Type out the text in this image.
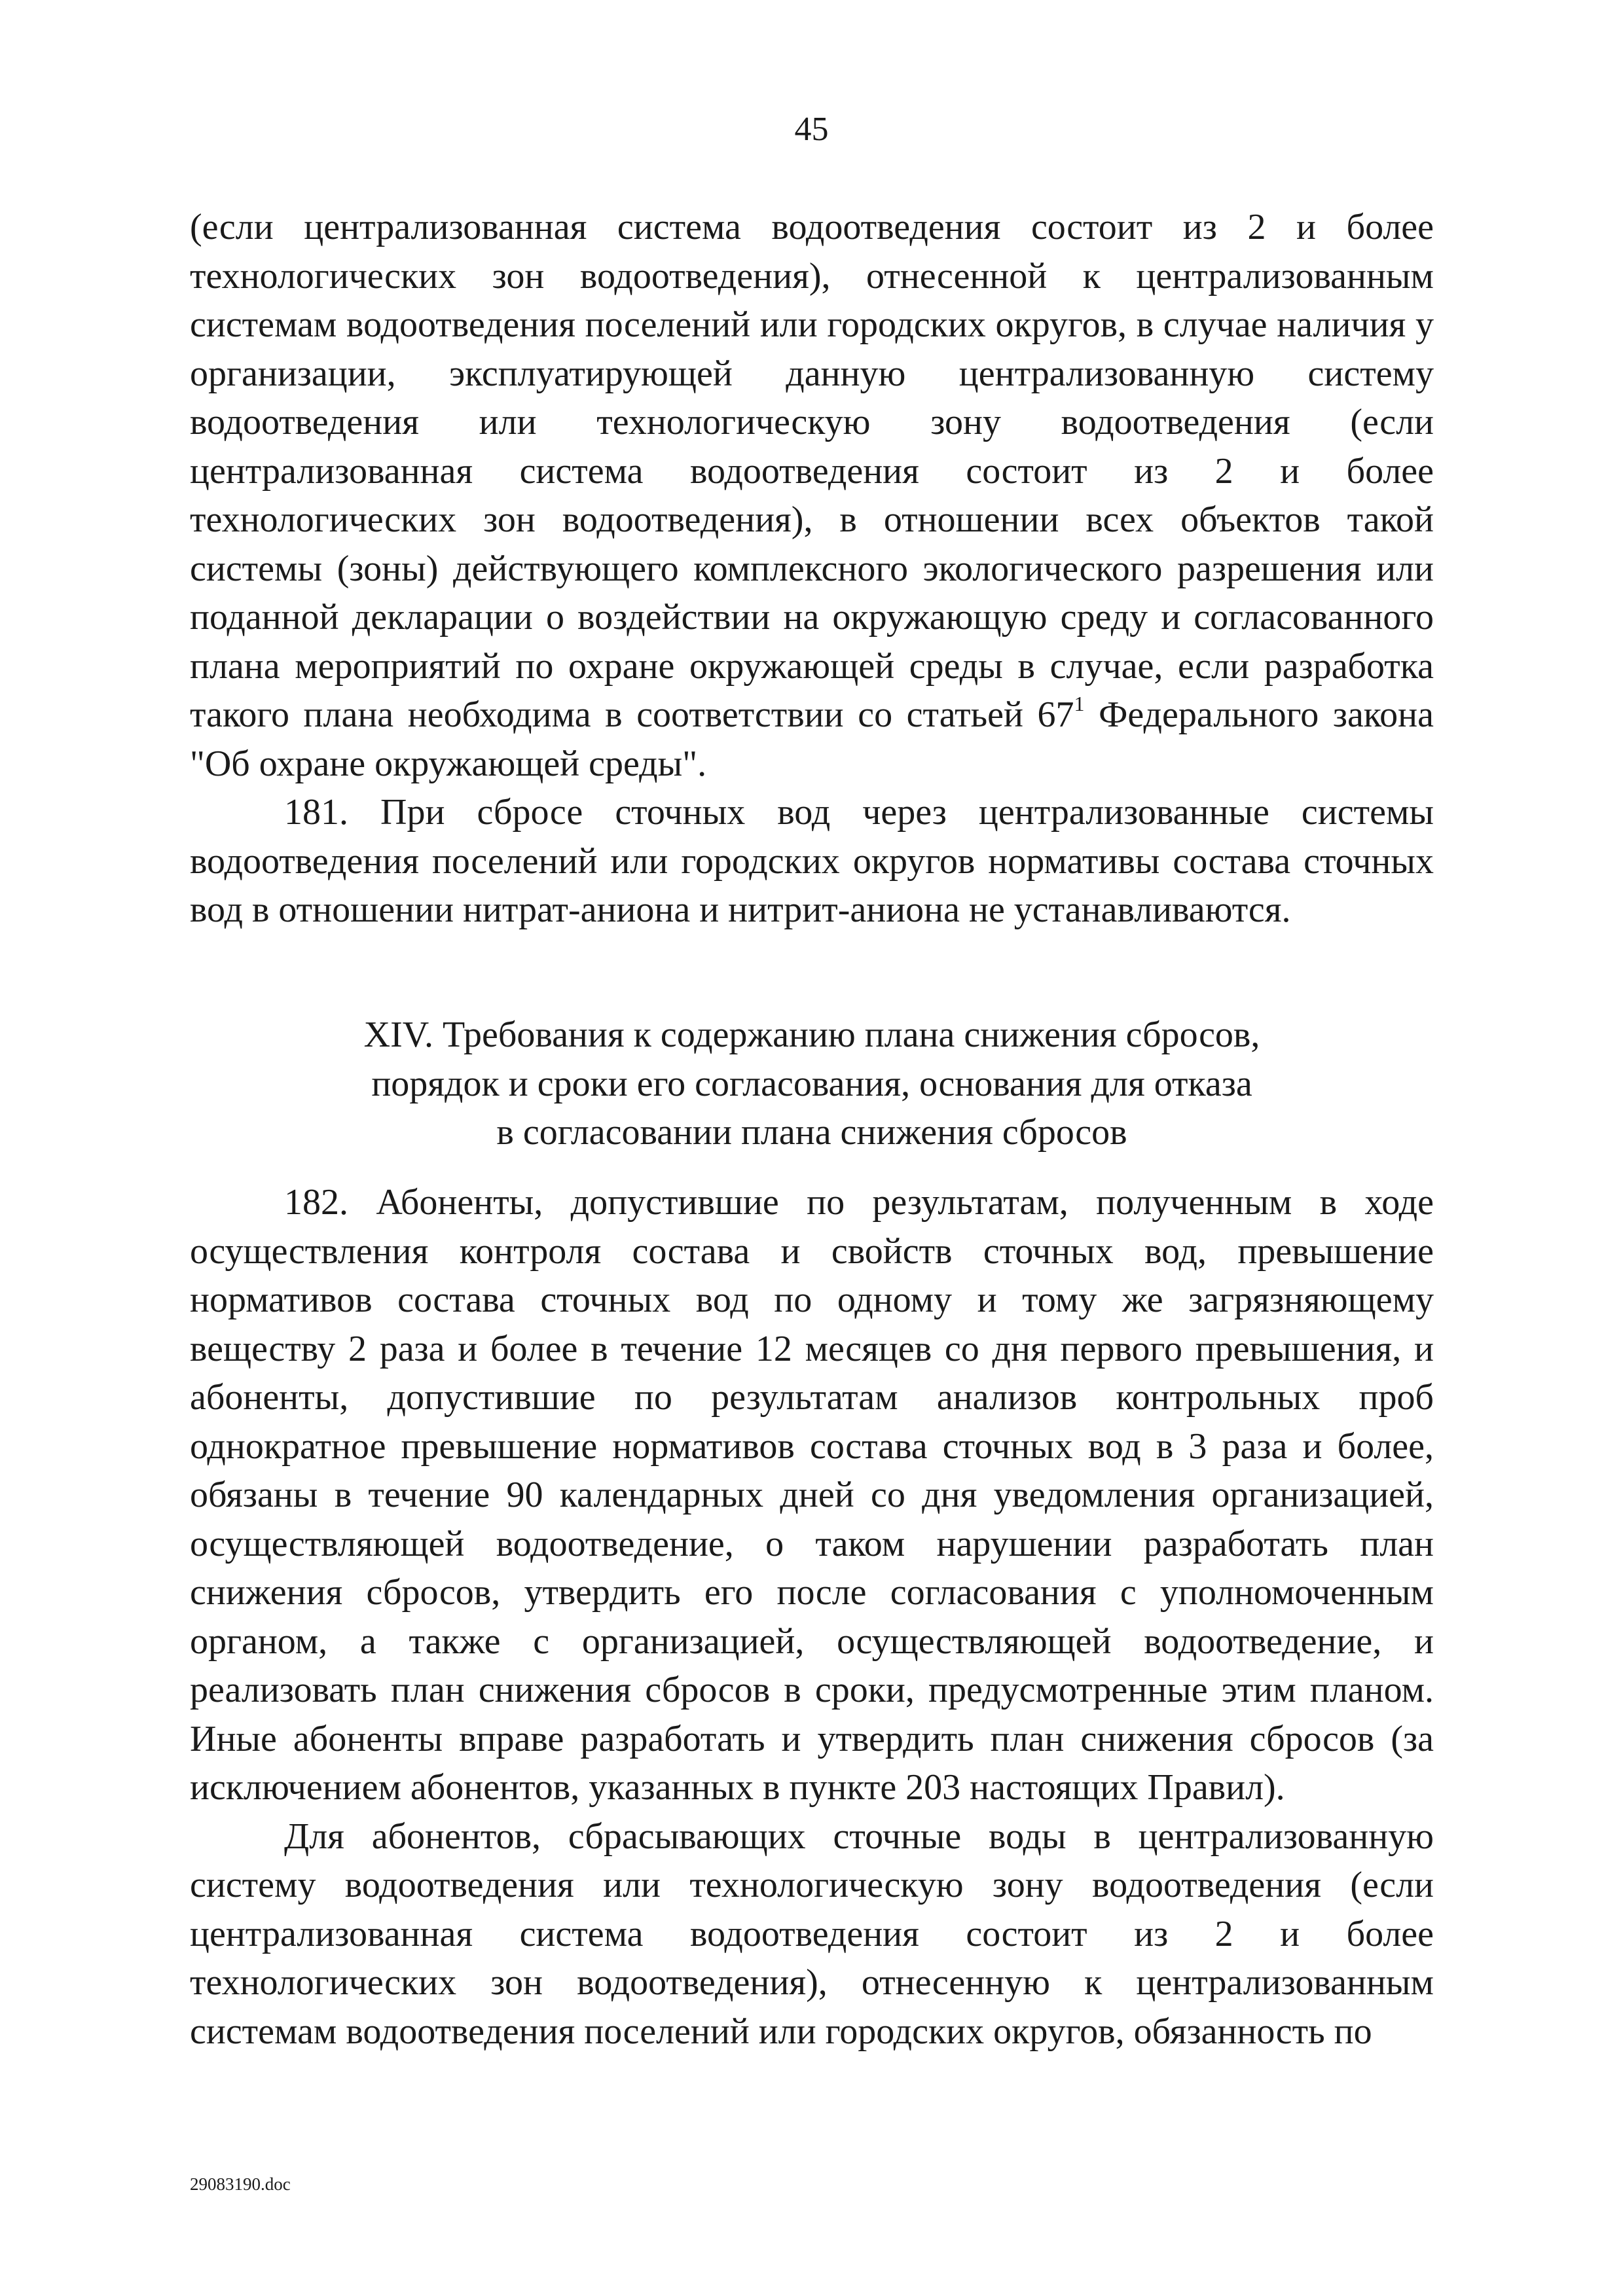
45

(если централизованная система водоотведения состоит из 2 и более технологических зон водоотведения), отнесенной к централизованным системам водоотведения поселений или городских округов, в случае наличия у организации, эксплуатирующей данную централизованную систему водоотведения или технологическую зону водоотведения (если централизованная система водоотведения состоит из 2 и более технологических зон водоотведения), в отношении всех объектов такой системы (зоны) действующего комплексного экологического разрешения или поданной декларации о воздействии на окружающую среду и согласованного плана мероприятий по охране окружающей среды в случае, если разработка такого плана необходима в соответствии со статьей $67^1$ Федерального закона "Об охране окружающей среды".

181. При сбросе сточных вод через централизованные системы водоотведения поселений или городских округов нормативы состава сточных вод в отношении нитрат-аниона и нитрит-аниона не устанавливаются.

XIV. Требования к содержанию плана снижения сбросов,
порядок и сроки его согласования, основания для отказа
в согласовании плана снижения сбросов

182. Абоненты, допустившие по результатам, полученным в ходе осуществления контроля состава и свойств сточных вод, превышение нормативов состава сточных вод по одному и тому же загрязняющему веществу 2 раза и более в течение 12 месяцев со дня первого превышения, и абоненты, допустившие по результатам анализов контрольных проб однократное превышение нормативов состава сточных вод в 3 раза и более, обязаны в течение 90 календарных дней со дня уведомления организацией, осуществляющей водоотведение, о таком нарушении разработать план снижения сбросов, утвердить его после согласования с уполномоченным органом, а также с организацией, осуществляющей водоотведение, и реализовать план снижения сбросов в сроки, предусмотренные этим планом. Иные абоненты вправе разработать и утвердить план снижения сбросов (за исключением абонентов, указанных в пункте 203 настоящих Правил).

Для абонентов, сбрасывающих сточные воды в централизованную систему водоотведения или технологическую зону водоотведения (если централизованная система водоотведения состоит из 2 и более технологических зон водоотведения), отнесенную к централизованным системам водоотведения поселений или городских округов, обязанность по

29083190.doc
